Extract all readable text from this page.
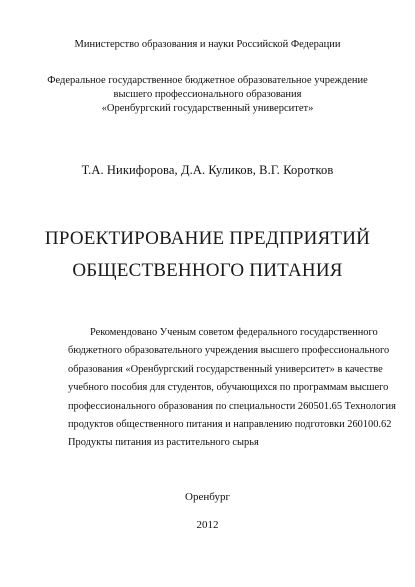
Министерство образования и науки Российской Федерации
Федеральное государственное бюджетное образовательное учреждение
высшего профессионального образования
«Оренбургский государственный университет»
Т.А. Никифорова, Д.А. Куликов, В.Г. Коротков
ПРОЕКТИРОВАНИЕ ПРЕДПРИЯТИЙ
ОБЩЕСТВЕННОГО ПИТАНИЯ
Рекомендовано Ученым советом федерального государственного
бюджетного образовательного учреждения высшего профессионального
образования «Оренбургский государственный университет» в качестве
учебного пособия для студентов, обучающихся по программам высшего
профессионального образования по специальности 260501.65 Технология
продуктов общественного питания и направлению подготовки 260100.62
Продукты питания из растительного сырья
Оренбург
2012
